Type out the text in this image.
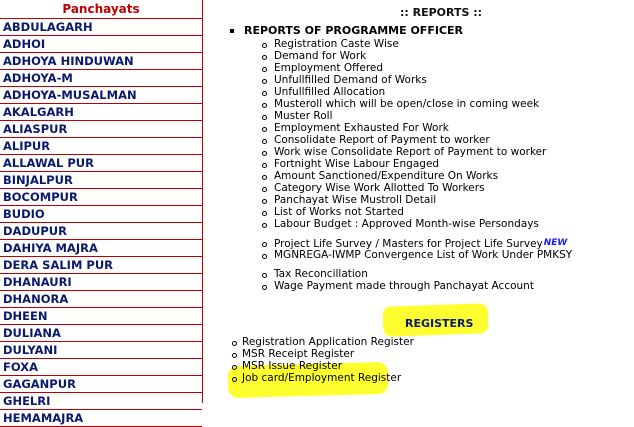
Panchayats
ABDULAGARH
ADHOI
ADHOYA HINDUWAN
ADHOYA-M
ADHOYA-MUSALMAN
AKALGARH
ALIASPUR
ALIPUR
ALLAWAL PUR
BINJALPUR
BOCOMPUR
BUDIO
DADUPUR
DAHIYA MAJRA
DERA SALIM PUR
DHANAURI
DHANORA
DHEEN
DULIANA
DULYANI
FOXA
GAGANPUR
GHELRI
HEMAMAJRA
:: REPORTS ::
REPORTS OF PROGRAMME OFFICER
Registration Caste Wise
Demand for Work
Employment Offered
Unfullfilled Demand of Works
Unfullfilled Allocation
Musteroll which will be open/close in coming week
Muster Roll
Employment Exhausted For Work
Consolidate Report of Payment to worker
Work wise Consolidate Report of Payment to worker
Fortnight Wise Labour Engaged
Amount Sanctioned/Expenditure On Works
Category Wise Work Allotted To Workers
Panchayat Wise Mustroll Detail
List of Works not Started
Labour Budget : Approved Month-wise Persondays
Project Life Survey / Masters for Project Life SurveyNEW
MGNREGA-IWMP Convergence List of Work Under PMKSY
Tax Reconcillation
Wage Payment made through Panchayat Account
REGISTERS
Registration Application Register
MSR Receipt Register
MSR Issue Register
Job card/Employment Register
